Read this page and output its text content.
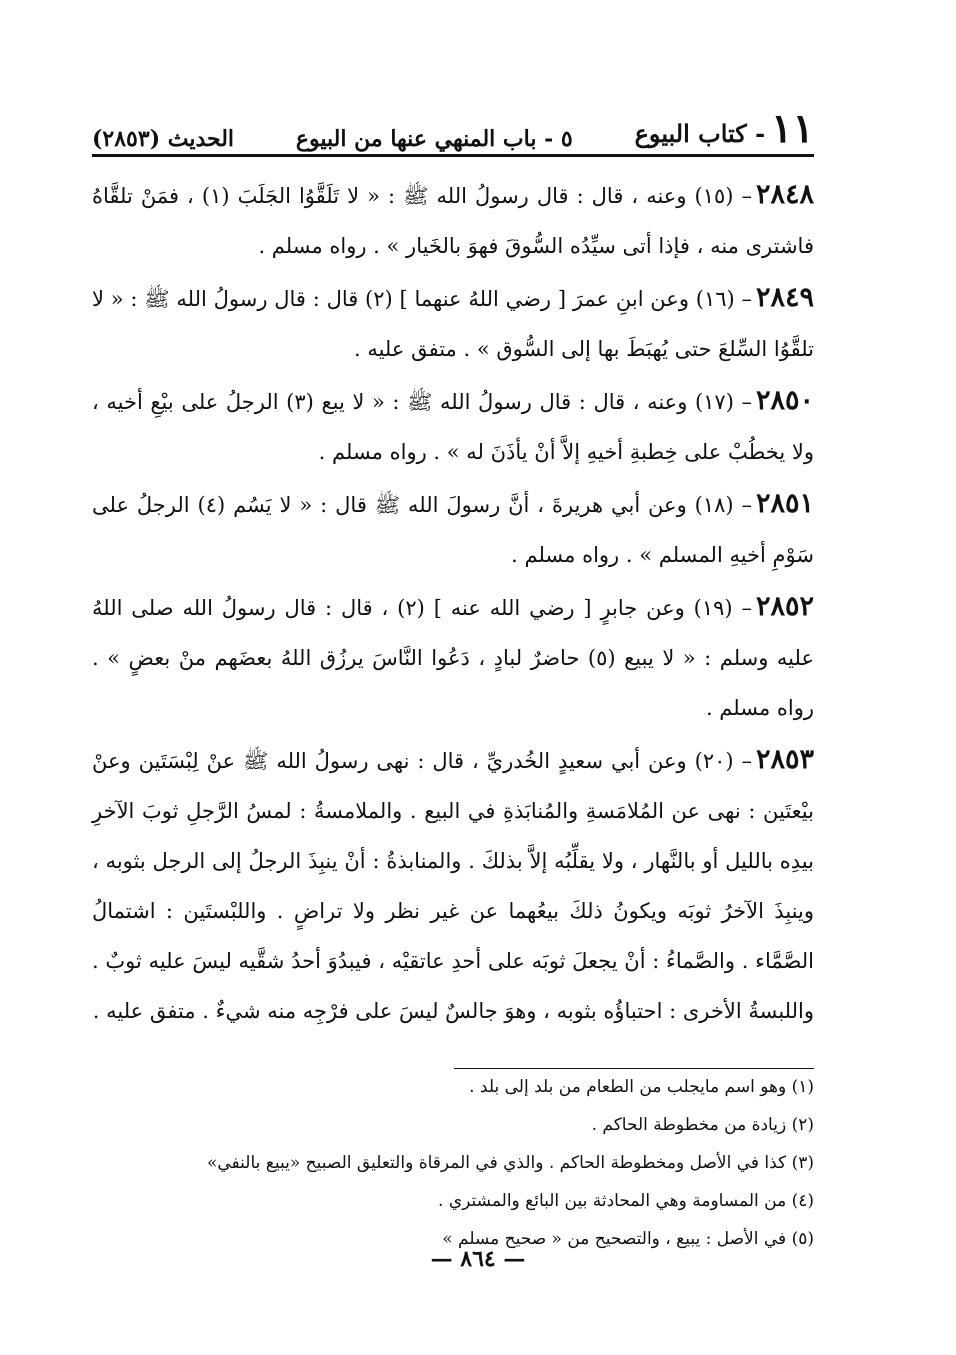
١١- كتاب البيوع
٥ - باب المنهي عنها من البيوع
الحديث (٢٨٥٣)

٢٨٤٨– (١٥) وعنه ، قال : قال رسولُ الله ﷺ : « لا تَلَقَّوُا الجَلَبَ (١) ، فمَنْ تلقَّاهُ فاشترى منه ، فإذا أتى سيِّدُه السُّوقَ فهوَ بالخَيار » . رواه مسلم .

٢٨٤٩– (١٦) وعن ابنِ عمرَ [ رضي اللهُ عنهما ] (٢) قال : قال رسولُ الله ﷺ : « لا تلقَّوُا السِّلعَ حتى يُهبَطَ بها إلى السُّوق » . متفق عليه .

٢٨٥٠– (١٧) وعنه ، قال : قال رسولُ الله ﷺ : « لا يبع (٣) الرجلُ على بيْعِ أخيه ، ولا يخطُبْ على خِطبةِ أخيهِ إلاَّ أنْ يأذَنَ له » . رواه مسلم .

٢٨٥١– (١٨) وعن أبي هريرةَ ، أنَّ رسولَ الله ﷺ قال : « لا يَسُم (٤) الرجلُ على سَوْمِ أخيهِ المسلم » . رواه مسلم .

٢٨٥٢– (١٩) وعن جابرٍ [ رضي الله عنه ] (٢) ، قال : قال رسولُ الله صلى اللهُ عليه وسلم : « لا يبيع (٥) حاضرٌ لبادٍ ، دَعُوا النَّاسَ يرزُق اللهُ بعضَهم منْ بعضٍ » . رواه مسلم .

٢٨٥٣– (٢٠) وعن أبي سعيدٍ الخُدريِّ ، قال : نهى رسولُ الله ﷺ عنْ لِبْسَتَين وعنْ بيْعتَين : نهى عن المُلامَسةِ والمُنابَذةِ في البيع . والملامسةُ : لمسُ الرَّجلِ ثوبَ الآخرِ بيدِه بالليل أو بالنَّهار ، ولا يقلِّبُه إلاَّ بذلكَ . والمنابذةُ : أنْ ينبِذَ الرجلُ إلى الرجل بثوبه ، وينبِذَ الآخرُ ثوبَه ويكونُ ذلكَ بيعُهما عن غير نظر ولا تراضٍ . واللبْستَين : اشتمالُ الصَّمَّاء . والصَّماءُ : أنْ يجعلَ ثوبَه على أحدِ عاتقيْه ، فيبدُوَ أحدُ شقَّيه ليسَ عليه ثوبٌ . واللبسةُ الأخرى : احتباؤُه بثوبه ، وهوَ جالسٌ ليسَ على فرْجِه منه شيءٌ . متفق عليه .

(١) وهو اسم مايجلب من الطعام من بلد إلى بلد .
(٢) زيادة من مخطوطة الحاكم .
(٣) كذا في الأصل ومخطوطة الحاكم . والذي في المرقاة والتعليق الصبيح «يبيع بالنفي»
(٤) من المساومة وهي المحادثة بين البائع والمشتري .
(٥) في الأصل : يبيع ، والتصحيح من « صحيح مسلم »
— ٨٦٤ —
